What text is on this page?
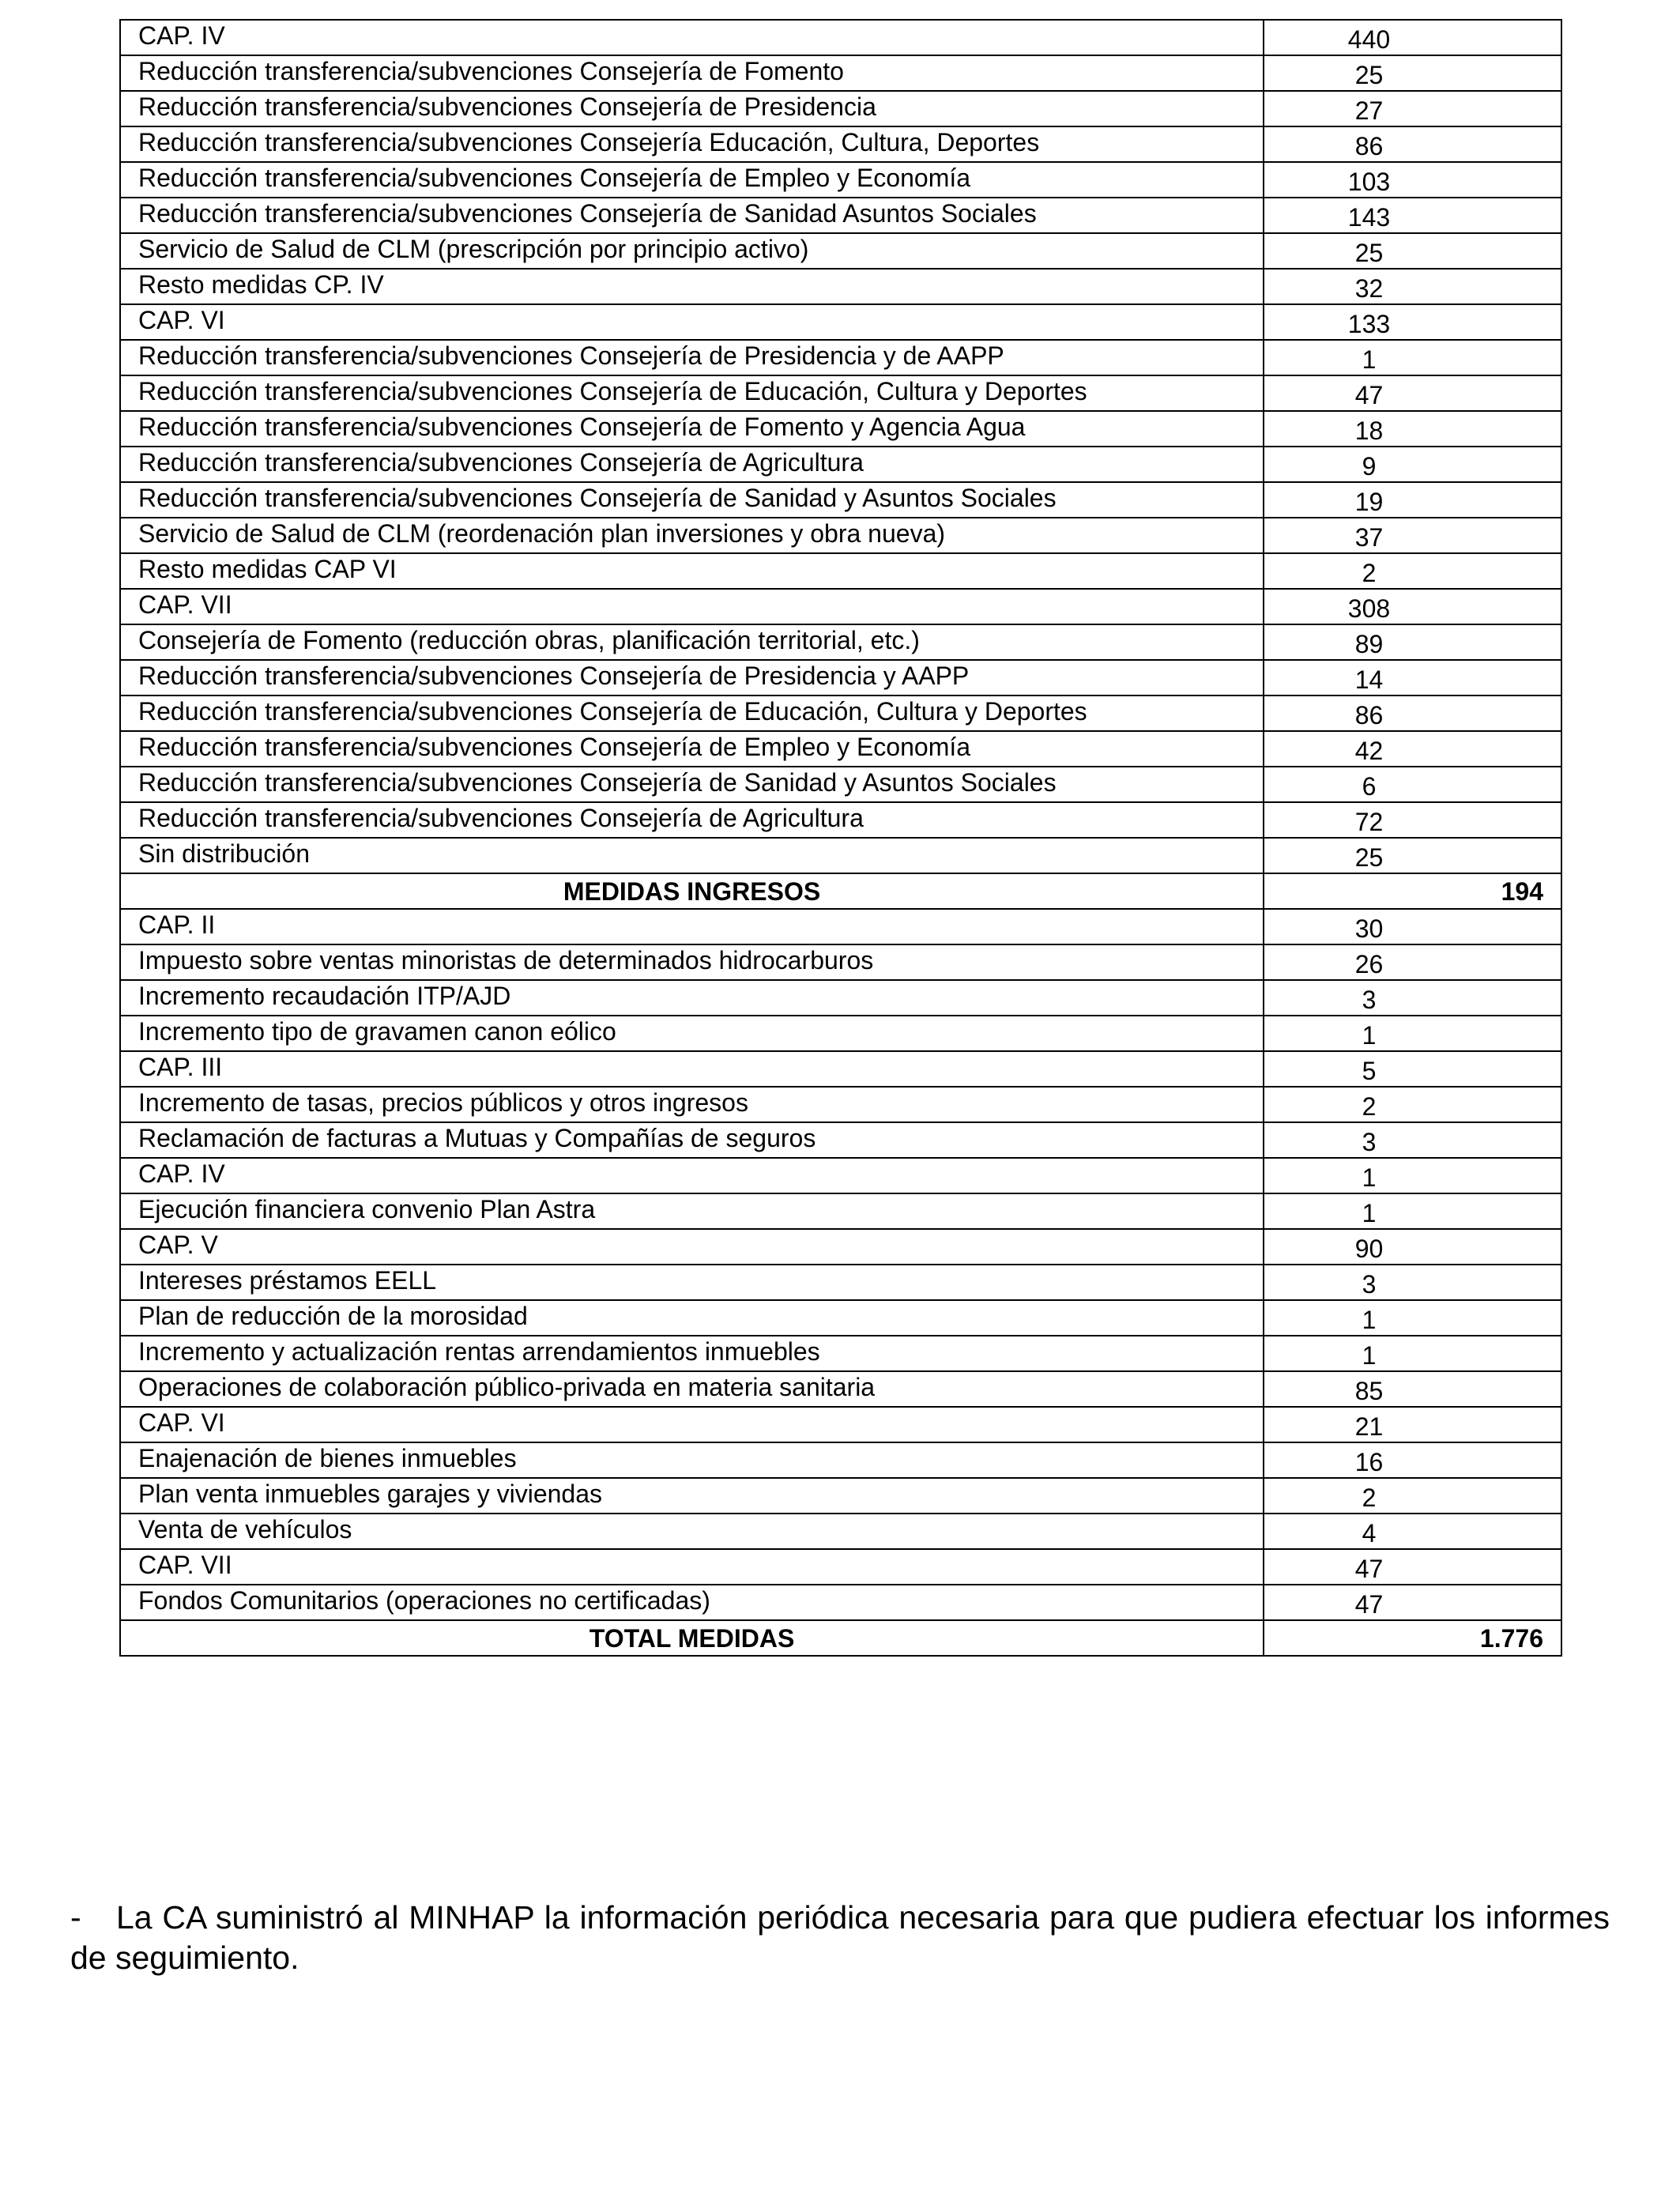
CAP. IV	440
Reducción transferencia/subvenciones Consejería de Fomento	25
Reducción transferencia/subvenciones Consejería de Presidencia	27
Reducción transferencia/subvenciones Consejería Educación, Cultura, Deportes	86
Reducción transferencia/subvenciones Consejería de Empleo y Economía	103
Reducción transferencia/subvenciones Consejería de Sanidad Asuntos Sociales	143
Servicio de Salud de CLM (prescripción por principio activo)	25
Resto medidas CP. IV	32
CAP. VI	133
Reducción transferencia/subvenciones Consejería de Presidencia y de AAPP	1
Reducción transferencia/subvenciones Consejería de Educación, Cultura y Deportes	47
Reducción transferencia/subvenciones Consejería de Fomento y Agencia Agua	18
Reducción transferencia/subvenciones Consejería de Agricultura	9
Reducción transferencia/subvenciones Consejería de Sanidad y Asuntos Sociales	19
Servicio de Salud de CLM (reordenación plan inversiones y obra nueva)	37
Resto medidas CAP VI	2
CAP. VII	308
Consejería de Fomento (reducción obras, planificación territorial, etc.)	89
Reducción transferencia/subvenciones Consejería de Presidencia y AAPP	14
Reducción transferencia/subvenciones Consejería de Educación, Cultura y Deportes	86
Reducción transferencia/subvenciones Consejería de Empleo y Economía	42
Reducción transferencia/subvenciones Consejería de Sanidad y Asuntos Sociales	6
Reducción transferencia/subvenciones Consejería de Agricultura	72
Sin distribución	25
MEDIDAS INGRESOS	194
CAP. II	30
Impuesto sobre ventas minoristas de determinados hidrocarburos	26
Incremento recaudación ITP/AJD	3
Incremento tipo de gravamen canon eólico	1
CAP. III	5
Incremento de tasas, precios públicos y otros ingresos	2
Reclamación de facturas a Mutuas y Compañías de seguros	3
CAP. IV	1
Ejecución financiera convenio Plan Astra	1
CAP. V	90
Intereses préstamos EELL	3
Plan de reducción de la morosidad	1
Incremento y actualización rentas arrendamientos inmuebles	1
Operaciones de colaboración público-privada en materia sanitaria	85
CAP. VI	21
Enajenación de bienes inmuebles	16
Plan venta inmuebles garajes y viviendas	2
Venta de vehículos	4
CAP. VII	47
Fondos Comunitarios (operaciones no certificadas)	47
TOTAL MEDIDAS	1.776

- La CA suministró al MINHAP la información periódica necesaria para que pudiera efectuar los informes de seguimiento.
